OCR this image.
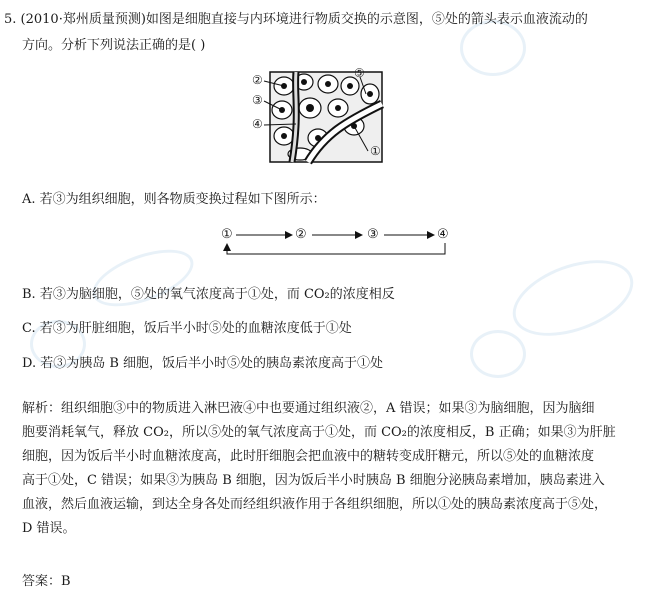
5. (2010·郑州质量预测)如图是细胞直接与内环境进行物质交换的示意图，⑤处的箭头表示血液流动的
方向。分析下列说法正确的是( )
②
③
④
⑤
①
A. 若③为组织细胞，则各物质变换过程如下图所示：
①	②	③	④
B. 若③为脑细胞，⑤处的氧气浓度高于①处，而 CO₂的浓度相反
C. 若③为肝脏细胞，饭后半小时⑤处的血糖浓度低于①处
D. 若③为胰岛 B 细胞，饭后半小时⑤处的胰岛素浓度高于①处
解析：组织细胞③中的物质进入淋巴液④中也要通过组织液②，A 错误；如果③为脑细胞，因为脑细
胞要消耗氧气，释放 CO₂，所以⑤处的氧气浓度高于①处，而 CO₂的浓度相反，B 正确；如果③为肝脏
细胞，因为饭后半小时血糖浓度高，此时肝细胞会把血液中的糖转变成肝糖元，所以⑤处的血糖浓度
高于①处，C 错误；如果③为胰岛 B 细胞，因为饭后半小时胰岛 B 细胞分泌胰岛素增加，胰岛素进入
血液，然后血液运输，到达全身各处而经组织液作用于各组织细胞，所以①处的胰岛素浓度高于⑤处，
D 错误。
答案：B
